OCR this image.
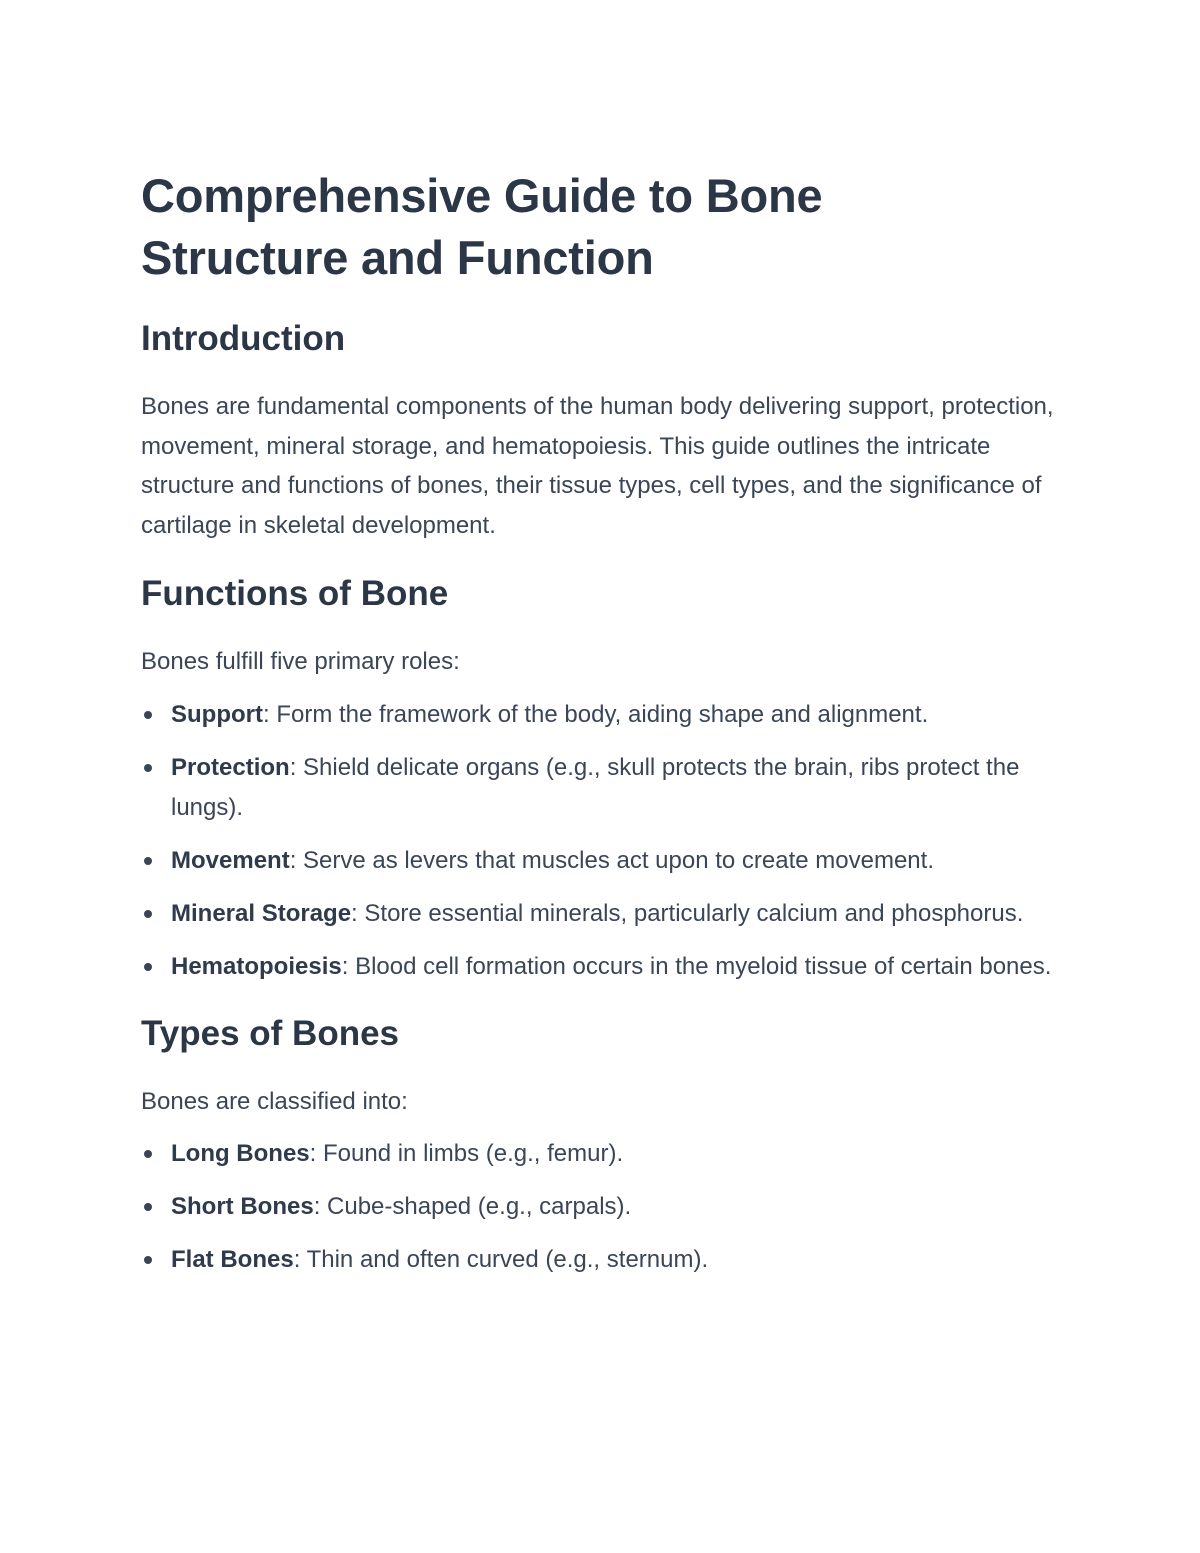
Comprehensive Guide to Bone Structure and Function
Introduction

Bones are fundamental components of the human body delivering support, protection, movement, mineral storage, and hematopoiesis. This guide outlines the intricate structure and functions of bones, their tissue types, cell types, and the significance of cartilage in skeletal development.

Functions of Bone

Bones fulfill five primary roles:

Support: Form the framework of the body, aiding shape and alignment.
Protection: Shield delicate organs (e.g., skull protects the brain, ribs protect the lungs).
Movement: Serve as levers that muscles act upon to create movement.
Mineral Storage: Store essential minerals, particularly calcium and phosphorus.
Hematopoiesis: Blood cell formation occurs in the myeloid tissue of certain bones.
Types of Bones

Bones are classified into:

Long Bones: Found in limbs (e.g., femur).
Short Bones: Cube-shaped (e.g., carpals).
Flat Bones: Thin and often curved (e.g., sternum).
